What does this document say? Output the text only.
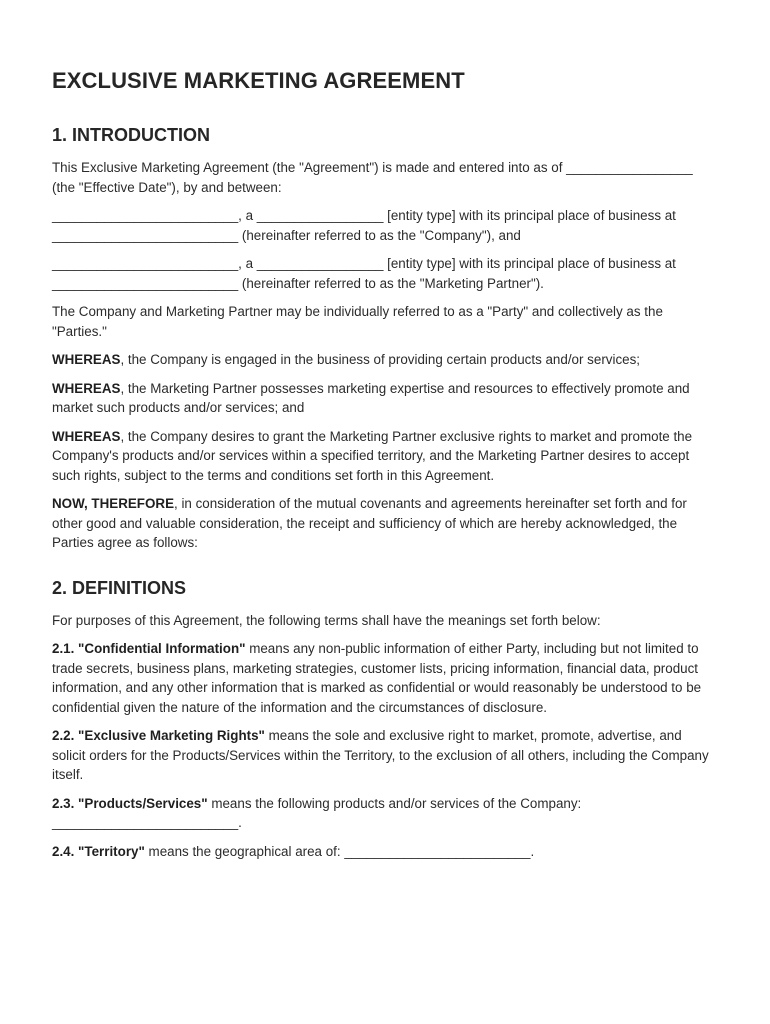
EXCLUSIVE MARKETING AGREEMENT
1. INTRODUCTION

This Exclusive Marketing Agreement (the "Agreement") is made and entered into as of _________________ (the "Effective Date"), by and between:

_________________________, a _________________ [entity type] with its principal place of business at _________________________ (hereinafter referred to as the "Company"), and

_________________________, a _________________ [entity type] with its principal place of business at _________________________ (hereinafter referred to as the "Marketing Partner").

The Company and Marketing Partner may be individually referred to as a "Party" and collectively as the "Parties."

WHEREAS, the Company is engaged in the business of providing certain products and/or services;

WHEREAS, the Marketing Partner possesses marketing expertise and resources to effectively promote and market such products and/or services; and

WHEREAS, the Company desires to grant the Marketing Partner exclusive rights to market and promote the Company's products and/or services within a specified territory, and the Marketing Partner desires to accept such rights, subject to the terms and conditions set forth in this Agreement.

NOW, THEREFORE, in consideration of the mutual covenants and agreements hereinafter set forth and for other good and valuable consideration, the receipt and sufficiency of which are hereby acknowledged, the Parties agree as follows:

2. DEFINITIONS

For purposes of this Agreement, the following terms shall have the meanings set forth below:

2.1. "Confidential Information" means any non-public information of either Party, including but not limited to trade secrets, business plans, marketing strategies, customer lists, pricing information, financial data, product information, and any other information that is marked as confidential or would reasonably be understood to be confidential given the nature of the information and the circumstances of disclosure.

2.2. "Exclusive Marketing Rights" means the sole and exclusive right to market, promote, advertise, and solicit orders for the Products/Services within the Territory, to the exclusion of all others, including the Company itself.

2.3. "Products/Services" means the following products and/or services of the Company: _________________________.

2.4. "Territory" means the geographical area of: _________________________.
